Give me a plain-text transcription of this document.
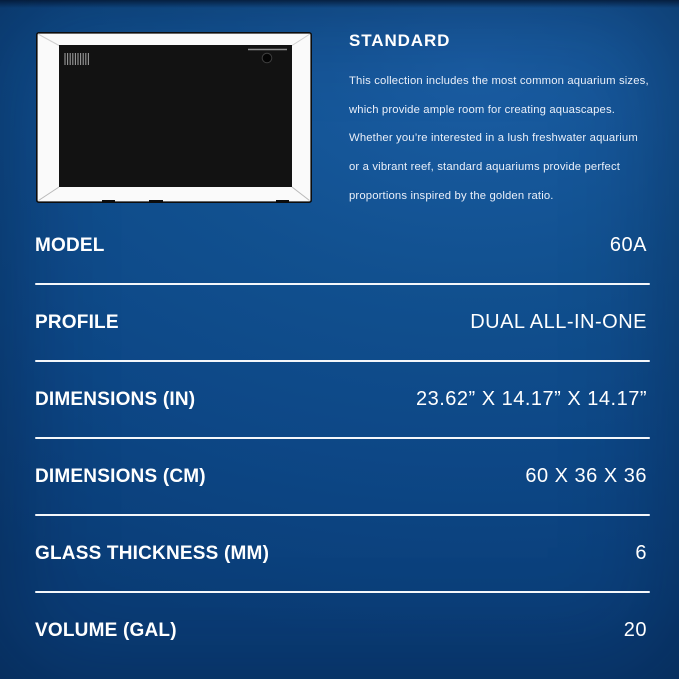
STANDARD
This collection includes the most common aquarium sizes,
which provide ample room for creating aquascapes.
Whether you’re interested in a lush freshwater aquarium
or a vibrant reef, standard aquariums provide perfect
proportions inspired by the golden ratio.
MODEL	60A
PROFILE	DUAL ALL-IN-ONE
DIMENSIONS (IN)	23.62” X 14.17” X 14.17”
DIMENSIONS (CM)	60 X 36 X 36
GLASS THICKNESS (MM)	6
VOLUME (GAL)	20
